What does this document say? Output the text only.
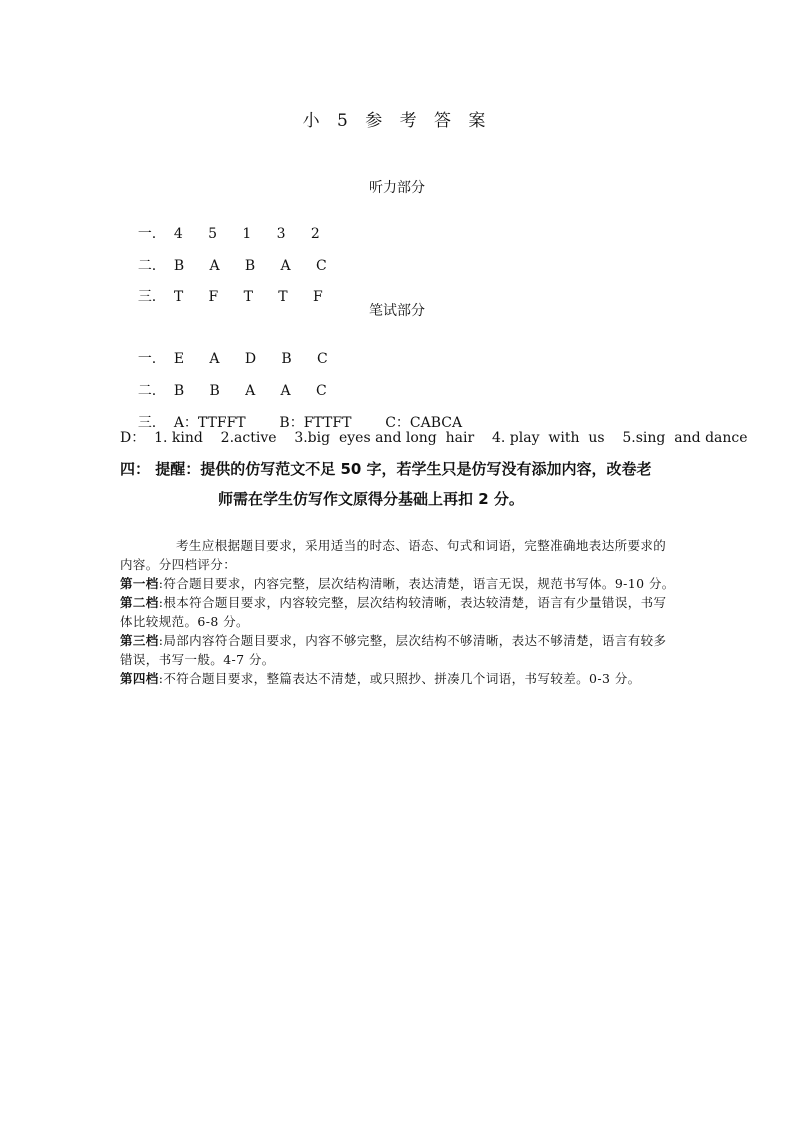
小 5 参 考 答 案
听力部分

一. 4   5   1   3   2

二. B   A   B   A   C

三. T   F   T   T   F

笔试部分

一. E   A   D   B   C

二. B   B   A   A   C

三. A：TTFFT    B：FTTFT    C：CABCA

D：  1. kind    2.active    3.big  eyes and long  hair    4. play  with  us    5.sing  and dance
四： 提醒：提供的仿写范文不足 50 字，若学生只是仿写没有添加内容，改卷老
师需在学生仿写作文原得分基础上再扣 2 分。

考生应根据题目要求，采用适当的时态、语态、句式和词语，完整准确地表达所要求的内容。分四档评分：

第一档:符合题目要求，内容完整，层次结构清晰，表达清楚，语言无误，规范书写体。9-10 分。

第二档:根本符合题目要求，内容较完整，层次结构较清晰，表达较清楚，语言有少量错误，书写体比较规范。6-8 分。

第三档:局部内容符合题目要求，内容不够完整，层次结构不够清晰，表达不够清楚，语言有较多错误，书写一般。4-7 分。

第四档:不符合题目要求，整篇表达不清楚，或只照抄、拼凑几个词语，书写较差。0-3 分。
